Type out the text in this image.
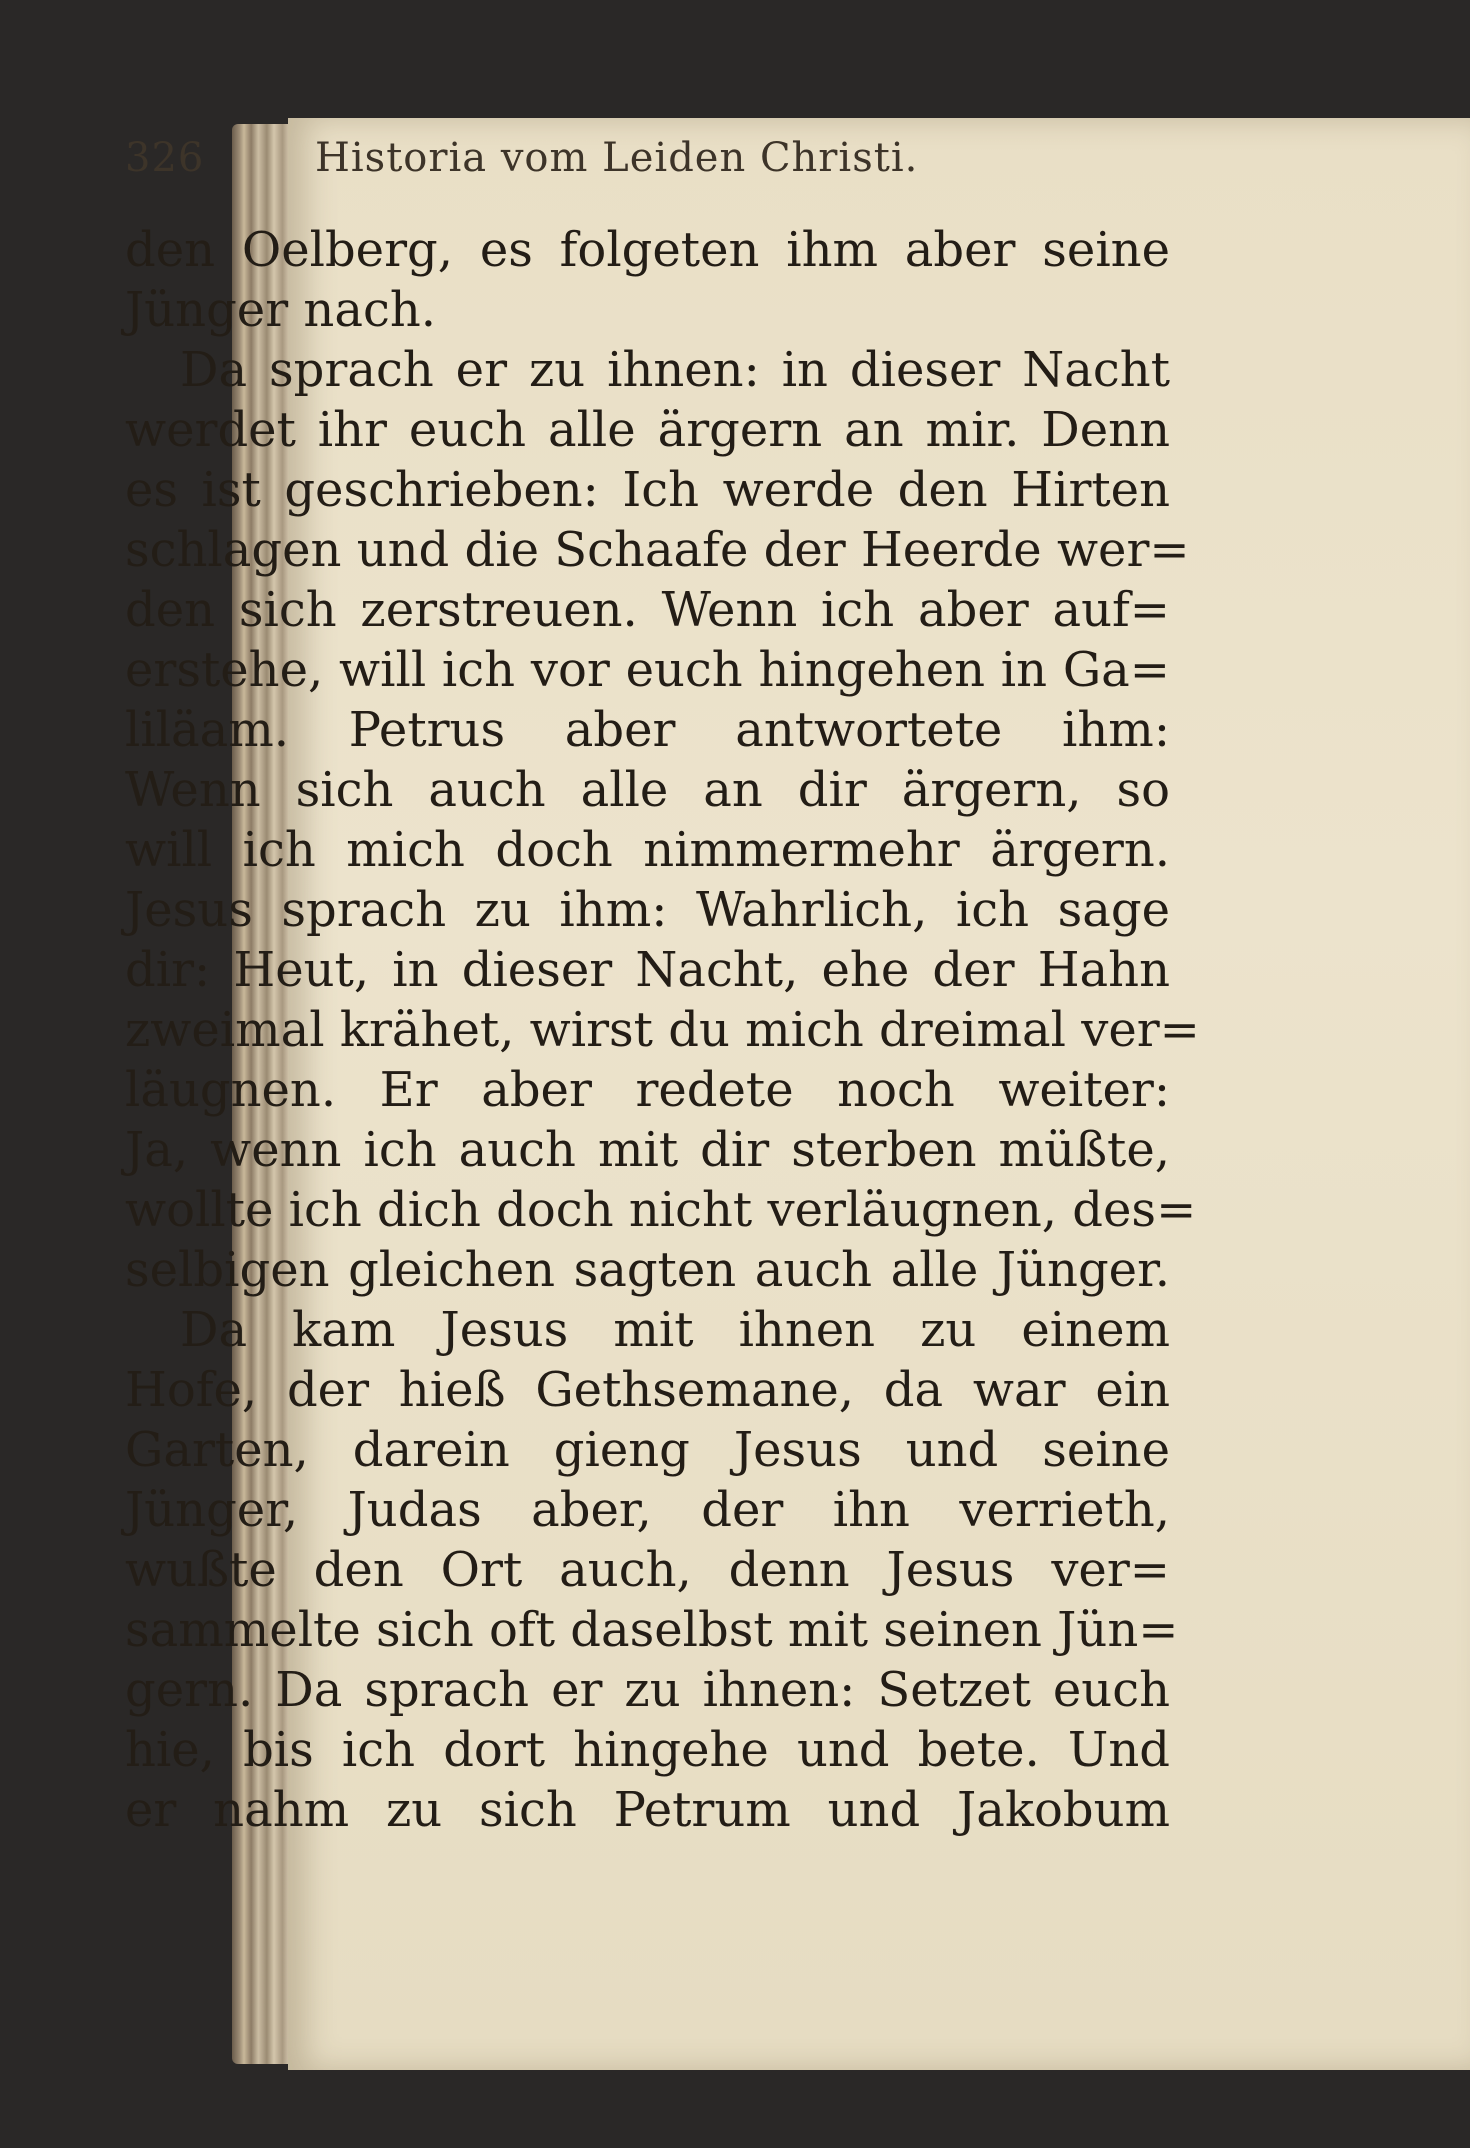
326	Historia vom Leiden Christi.
den Oelberg, es folgeten ihm aber seine
Jünger nach.
Da sprach er zu ihnen: in dieser Nacht
werdet ihr euch alle ärgern an mir. Denn
es ist geschrieben: Ich werde den Hirten
schlagen und die Schaafe der Heerde wer=
den sich zerstreuen. Wenn ich aber auf=
erstehe, will ich vor euch hingehen in Ga=
liläam. Petrus aber antwortete ihm:
Wenn sich auch alle an dir ärgern, so
will ich mich doch nimmermehr ärgern.
Jesus sprach zu ihm: Wahrlich, ich sage
dir: Heut, in dieser Nacht, ehe der Hahn
zweimal krähet, wirst du mich dreimal ver=
läugnen. Er aber redete noch weiter:
Ja, wenn ich auch mit dir sterben müßte,
wollte ich dich doch nicht verläugnen, des=
selbigen gleichen sagten auch alle Jünger.
Da kam Jesus mit ihnen zu einem
Hofe, der hieß Gethsemane, da war ein
Garten, darein gieng Jesus und seine
Jünger, Judas aber, der ihn verrieth,
wußte den Ort auch, denn Jesus ver=
sammelte sich oft daselbst mit seinen Jün=
gern. Da sprach er zu ihnen: Setzet euch
hie, bis ich dort hingehe und bete. Und
er nahm zu sich Petrum und Jakobum
